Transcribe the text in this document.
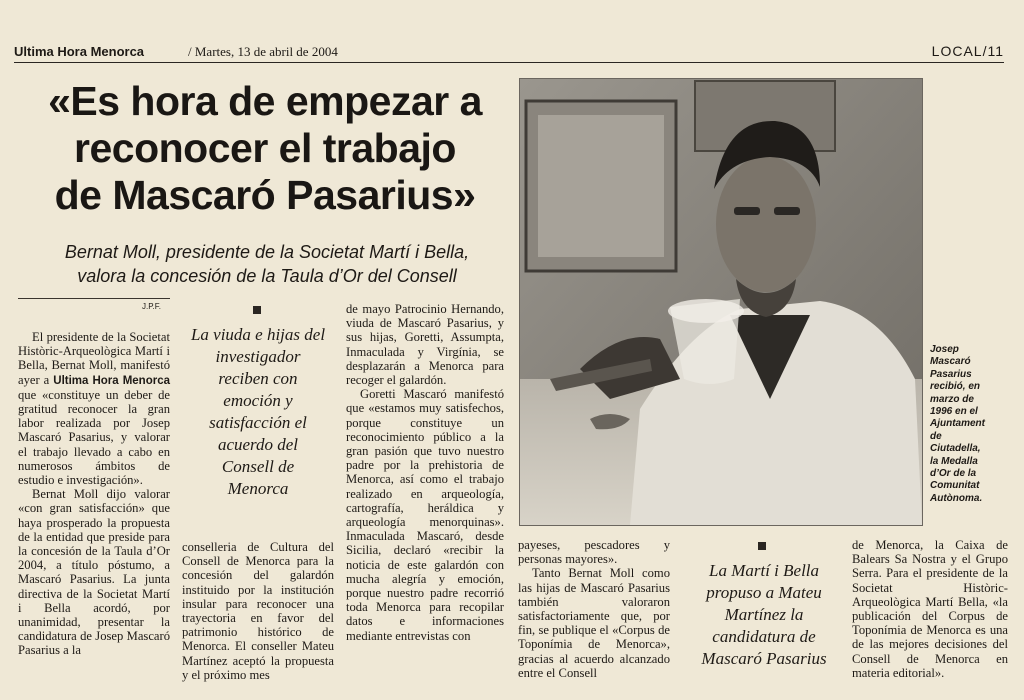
Ultima Hora Menorca	/ Martes, 13 de abril de 2004	LOCAL/11
«Es hora de empezar a
reconocer el trabajo
de Mascaró Pasarius»
Bernat Moll, presidente de la Societat Martí i Bella,
valora la concesión de la Taula d’Or del Consell
J.P.F.

El presidente de la Societat Històric-Arqueològica Martí i Bella, Bernat Moll, manifestó ayer a Ultima Hora Menorca que «constituye un deber de gratitud reconocer la gran labor realizada por Josep Mascaró Pasarius, y valorar el trabajo llevado a cabo en numerosos ámbitos de estudio e investigación».

Bernat Moll dijo valorar «con gran satisfacción» que haya prosperado la propuesta de la entidad que preside para la concesión de la Taula d’Or 2004, a título póstumo, a Mascaró Pasarius. La junta directiva de la Societat Martí i Bella acordó, por unanimidad, presentar la candidatura de Josep Mascaró Pasarius a la

La viuda e hijas del
investigador
reciben con
emoción y
satisfacción el
acuerdo del
Consell de
Menorca

conselleria de Cultura del Consell de Menorca para la concesión del galardón instituido por la institución insular para reconocer una trayectoria en favor del patrimonio histórico de Menorca. El conseller Mateu Martínez aceptó la propuesta y el próximo mes

de mayo Patrocinio Hernando, viuda de Mascaró Pasarius, y sus hijas, Goretti, Assumpta, Inmaculada y Virgínia, se desplazarán a Menorca para recoger el galardón.

Goretti Mascaró manifestó que «estamos muy satisfechos, porque constituye un reconocimiento público a la gran pasión que tuvo nuestro padre por la prehistoria de Menorca, así como el trabajo realizado en arqueología, cartografía, heráldica y arqueología menorquinas». Inmaculada Mascaró, desde Sicilia, declaró «recibir la noticia de este galardón con mucha alegría y emoción, porque nuestro padre recorrió toda Menorca para recopilar datos e informaciones mediante entrevistas con

Josep
Mascaró
Pasarius
recibió, en
marzo de
1996 en el
Ajuntament
de
Ciutadella,
la Medalla
d’Or de la
Comunitat
Autònoma.

payeses, pescadores y personas mayores».

Tanto Bernat Moll como las hijas de Mascaró Pasarius también valoraron satisfactoriamente que, por fin, se publique el «Corpus de Toponímia de Menorca», gracias al acuerdo alcanzado entre el Consell

La Martí i Bella
propuso a Mateu
Martínez la
candidatura de
Mascaró Pasarius

de Menorca, la Caixa de Balears Sa Nostra y el Grupo Serra. Para el presidente de la Societat Històric-Arqueològica Martí Bella, «la publicación del Corpus de Toponímia de Menorca es una de las mejores decisiones del Consell de Menorca en materia editorial».
